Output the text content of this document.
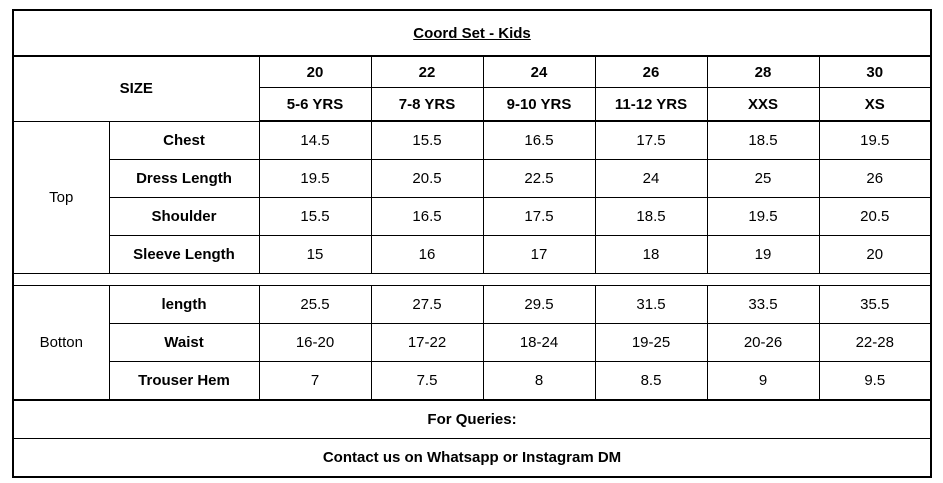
Coord Set - Kids							
SIZE		20	22	24	26	28	30
		5-6 YRS	7-8 YRS	9-10 YRS	11-12 YRS	XXS	XS
Top	Chest	14.5	15.5	16.5	17.5	18.5	19.5
	Dress Length	19.5	20.5	22.5	24	25	26
	Shoulder	15.5	16.5	17.5	18.5	19.5	20.5
	Sleeve Length	15	16	17	18	19	20

Botton	length	25.5	27.5	29.5	31.5	33.5	35.5
	Waist	16-20	17-22	18-24	19-25	20-26	22-28
	Trouser Hem	7	7.5	8	8.5	9	9.5
For Queries:							
Contact us on Whatsapp or Instagram DM							
